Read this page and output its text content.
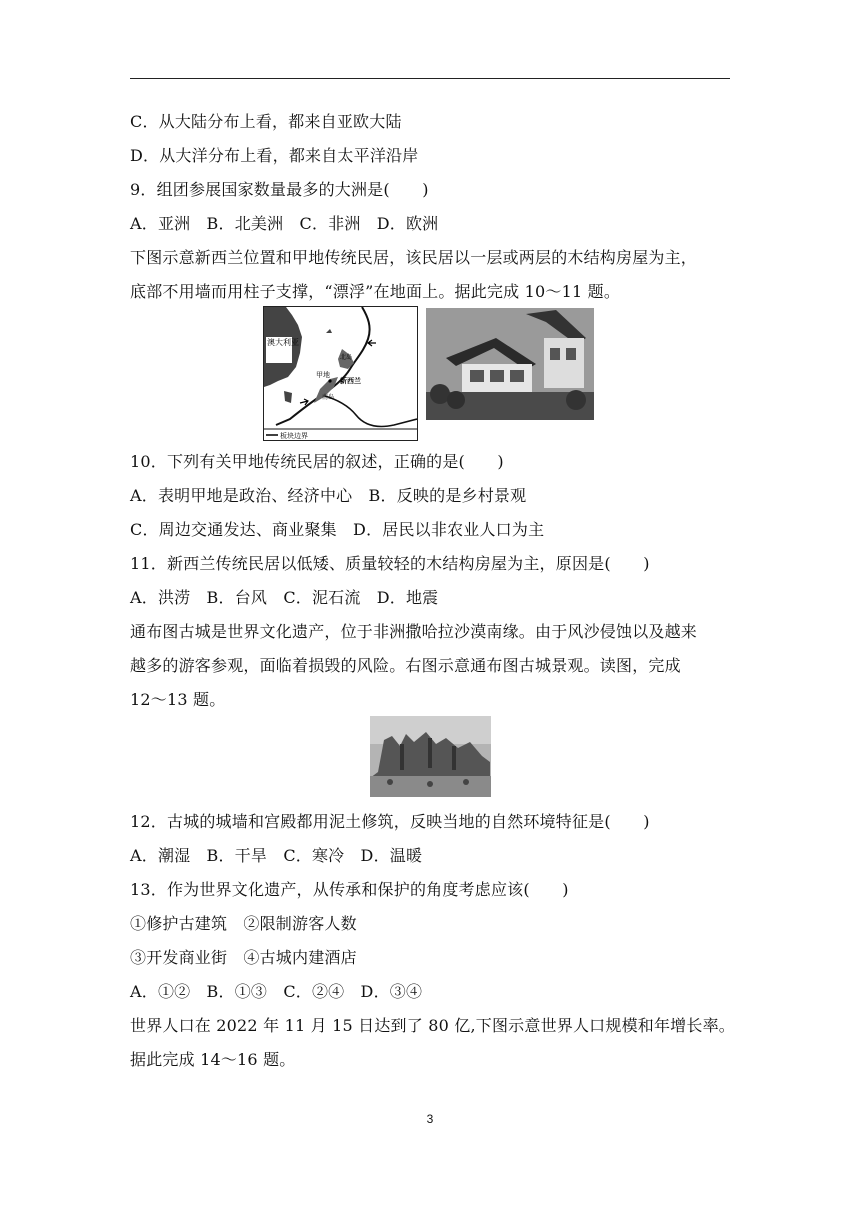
C．从大陆分布上看，都来自亚欧大陆
D．从大洋分布上看，都来自太平洋沿岸
9．组团参展国家数量最多的大洲是(　　)
A．亚洲　B．北美洲　C．非洲　D．欧洲
下图示意新西兰位置和甲地传统民居，该民居以一层或两层的木结构房屋为主，
底部不用墙而用柱子支撑，“漂浮”在地面上。据此完成 10～11 题。
澳大利亚
北岛
甲地
新西兰
南岛
板块边界
10．下列有关甲地传统民居的叙述，正确的是(　　)
A．表明甲地是政治、经济中心　B．反映的是乡村景观
C．周边交通发达、商业聚集　D．居民以非农业人口为主
11．新西兰传统民居以低矮、质量较轻的木结构房屋为主，原因是(　　)
A．洪涝　B．台风　C．泥石流　D．地震
通布图古城是世界文化遗产，位于非洲撒哈拉沙漠南缘。由于风沙侵蚀以及越来
越多的游客参观，面临着损毁的风险。右图示意通布图古城景观。读图，完成
12～13 题。
12．古城的城墙和宫殿都用泥土修筑，反映当地的自然环境特征是(　　)
A．潮湿　B．干旱　C．寒冷　D．温暖
13．作为世界文化遗产，从传承和保护的角度考虑应该(　　)
①修护古建筑　②限制游客人数
③开发商业街　④古城内建酒店
A．①②　B．①③　C．②④　D．③④
世界人口在 2022 年 11 月 15 日达到了 80 亿,下图示意世界人口规模和年增长率。
据此完成 14～16 题。
3
